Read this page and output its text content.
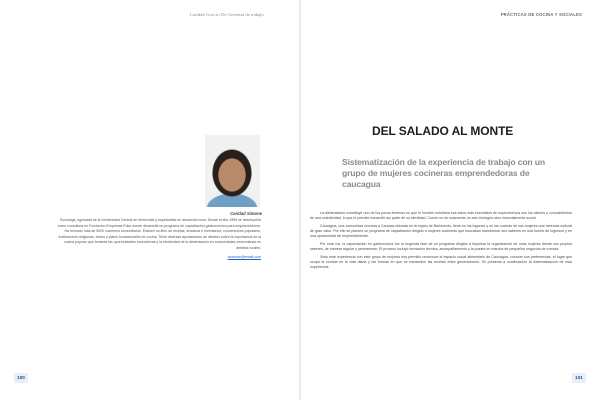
Caridad Gracio De Gerencia de trabajo	PRÁCTICAS DE COCINA Y SOCIALES
Caridad Simone
Sociologa, egresada de la Universidad Central de Venezuela y especialista en desarrollo local. Desde el año 1999 se desempeña como consultora en Fundación Empresas Polar donde desarrolla un programa de capacitación gastronómica para emprendedores. Ha formado más de 5000 cocineros comunitarios. Elaboró un libro de recetas, ensalcos e inventarios, conversiones populares, instituciones religiosas, textos y platos fundacionales de cocina. Tiene diversas aportaciones de difusión sobre la importancia de la cocina popular que fomenta las oportunidades económicas y la efectividad de la alimentación en comunidades venezolanas en ámbitos rurales.
csimone@email.com
100	101
DEL SALADO AL MONTE
Sistematización de la experiencia de trabajo con un grupo de mujeres cocineras emprendedoras de caucagua

La alimentación constituye uno de los pocos terrenos en que el hombre entrelaza sus actos más esenciales de supervivencia con los valores y conocimientos de una colectividad, lo que le permite transmitir así parte de su identidad. Comer no es solamente un acto biológico sino esencialmente social.

Caucagua, una comunidad cercana a Caracas ubicada en la región de Barlovento, tiene en los fogones y en las cocinas de sus mujeres una herencia cultural de gran valor. Por ello se planteó un programa de capacitación dirigido a mujeres cocineras que buscaban transformar sus saberes en una fuente de ingresos y en una oportunidad de emprendimiento.

Por esta vía, la capacitación en gastronomía fue la segunda fase de un programa dirigido a impulsar la organización de unas mujeres desde sus propios saberes, de manera regular y permanente. El proceso incluyó formación técnica, acompañamiento y la puesta en marcha de pequeños negocios de comida.

Visto este experiencia con este grupo de mujeres nos permitió reconocer el espacio social alimentario de Caucagua, conocer sus preferencias, el lugar que ocupa la comida en la vida diaria y las formas en que se transmiten las recetas entre generaciones. Se presenta a continuación la sistematización de esta experiencia.
